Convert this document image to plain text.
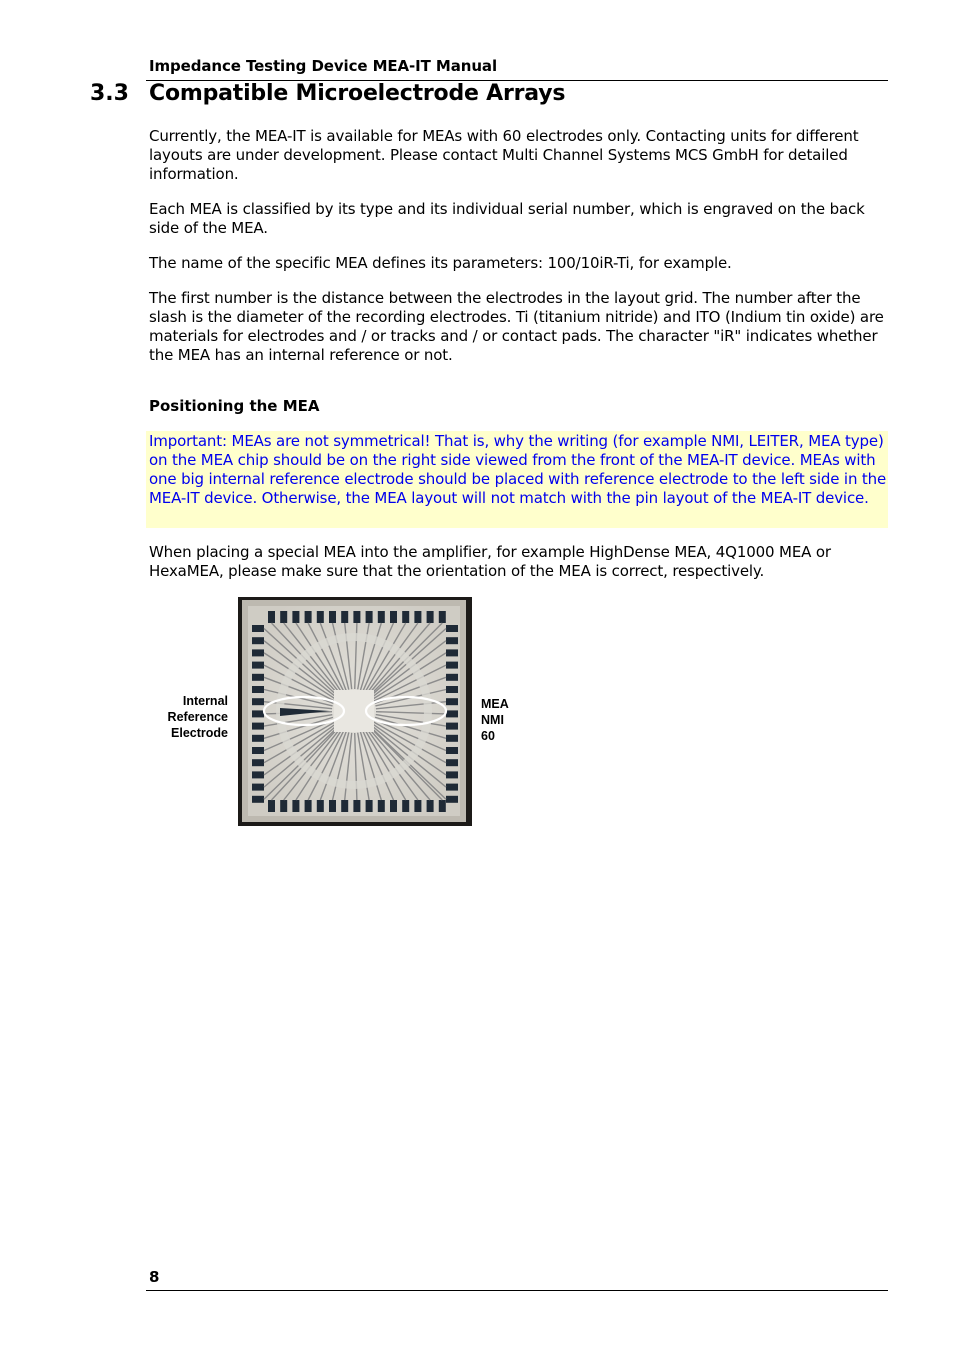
Impedance Testing Device MEA-IT Manual
3.3 Compatible Microelectrode Arrays

Currently, the MEA-IT is available for MEAs with 60 electrodes only. Contacting units for different layouts are under development. Please contact Multi Channel Systems MCS GmbH for detailed information.

Each MEA is classified by its type and its individual serial number, which is engraved on the back side of the MEA.

The name of the specific MEA defines its parameters: 100/10iR-Ti, for example.

The first number is the distance between the electrodes in the layout grid. The number after the slash is the diameter of the recording electrodes. Ti (titanium nitride) and ITO (Indium tin oxide) are materials for electrodes and / or tracks and / or contact pads. The character "iR" indicates whether the MEA has an internal reference or not.

Positioning the MEA

Important: MEAs are not symmetrical! That is, why the writing (for example NMI, LEITER, MEA type) on the MEA chip should be on the right side viewed from the front of the MEA-IT device. MEAs with one big internal reference electrode should be placed with reference electrode to the left side in the MEA-IT device. Otherwise, the MEA layout will not match with the pin layout of the MEA-IT device.

When placing a special MEA into the amplifier, for example HighDense MEA, 4Q1000 MEA or HexaMEA, please make sure that the orientation of the MEA is correct, respectively.

Internal
Reference
Electrode
MEA
NMI
60
8
